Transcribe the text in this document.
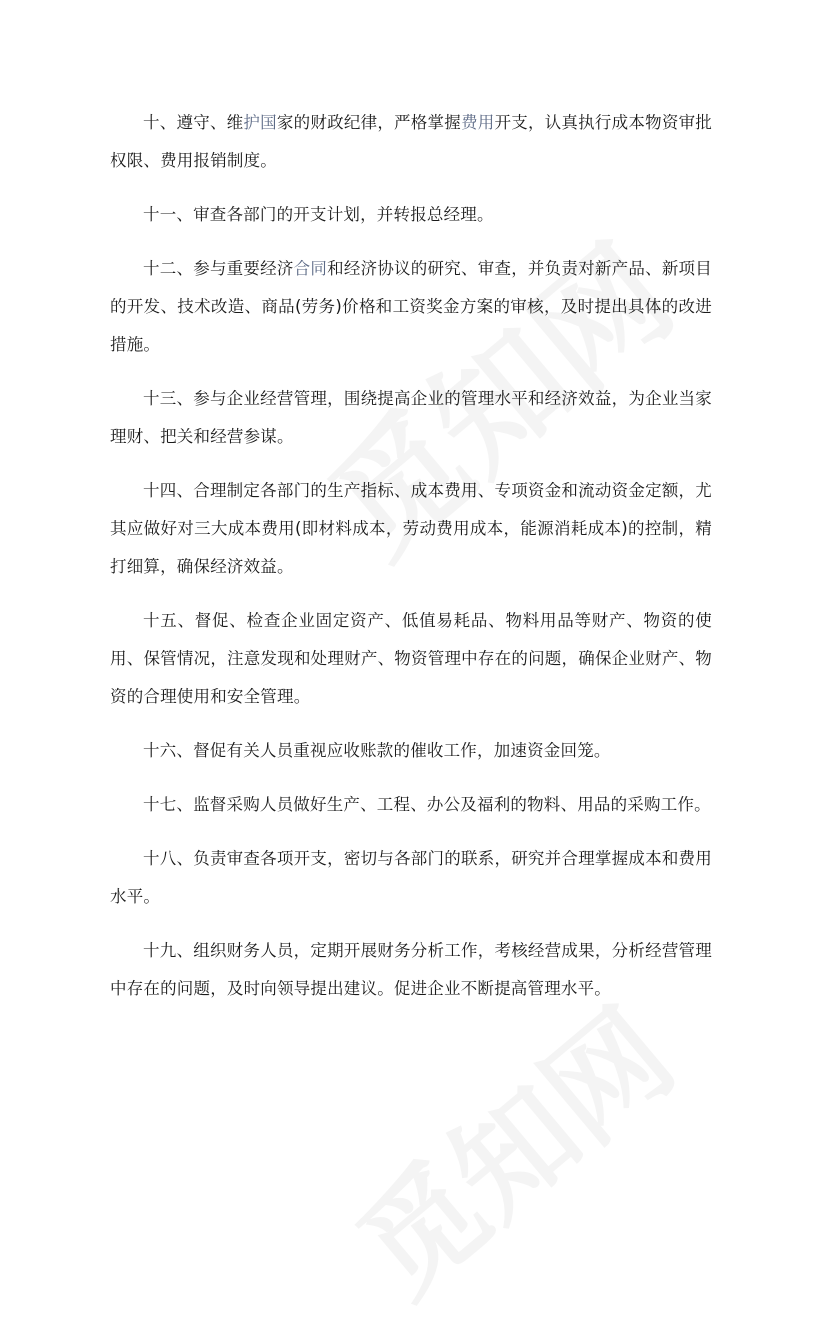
十、遵守、维护国家的财政纪律，严格掌握费用开支，认真执行成本物资审批权限、费用报销制度。

十一、审查各部门的开支计划，并转报总经理。

十二、参与重要经济合同和经济协议的研究、审查，并负责对新产品、新项目的开发、技术改造、商品(劳务)价格和工资奖金方案的审核，及时提出具体的改进措施。

十三、参与企业经营管理，围绕提高企业的管理水平和经济效益，为企业当家理财、把关和经营参谋。

十四、合理制定各部门的生产指标、成本费用、专项资金和流动资金定额，尤其应做好对三大成本费用(即材料成本，劳动费用成本，能源消耗成本)的控制，精打细算，确保经济效益。

十五、督促、检查企业固定资产、低值易耗品、物料用品等财产、物资的使用、保管情况，注意发现和处理财产、物资管理中存在的问题，确保企业财产、物资的合理使用和安全管理。

十六、督促有关人员重视应收账款的催收工作，加速资金回笼。

十七、监督采购人员做好生产、工程、办公及福利的物料、用品的采购工作。

十八、负责审查各项开支，密切与各部门的联系，研究并合理掌握成本和费用水平。

十九、组织财务人员，定期开展财务分析工作，考核经营成果，分析经营管理中存在的问题，及时向领导提出建议。促进企业不断提高管理水平。
